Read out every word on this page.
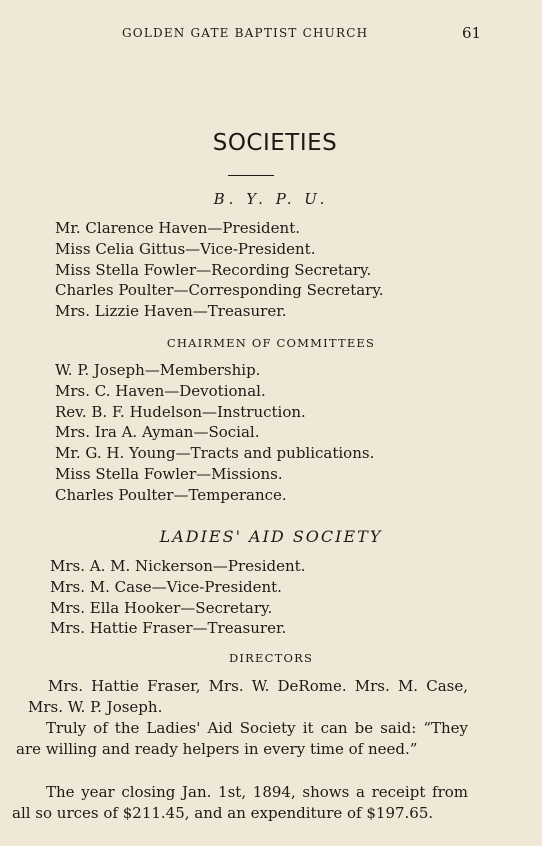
GOLDEN GATE BAPTIST CHURCH	61
SOCIETIES
B. Y. P. U.
Mr. Clarence Haven—President.
Miss Celia Gittus—Vice-President.
Miss Stella Fowler—Recording Secretary.
Charles Poulter—Corresponding Secretary.
Mrs. Lizzie Haven—Treasurer.
CHAIRMEN OF COMMITTEES
W. P. Joseph—Membership.
Mrs. C. Haven—Devotional.
Rev. B. F. Hudelson—Instruction.
Mrs. Ira A. Ayman—Social.
Mr. G. H. Young—Tracts and publications.
Miss Stella Fowler—Missions.
Charles Poulter—Temperance.
LADIES' AID SOCIETY
Mrs. A. M. Nickerson—President.
Mrs. M. Case—Vice-President.
Mrs. Ella Hooker—Secretary.
Mrs. Hattie Fraser—Treasurer.
DIRECTORS

Mrs. Hattie Fraser, Mrs. W. DeRome. Mrs. M. Case, Mrs. W. P. Joseph.

Truly of the Ladies' Aid Society it can be said: “They are willing and ready helpers in every time of need.”

The year closing Jan. 1st, 1894, shows a receipt from all so urces of $211.45, and an expenditure of $197.65.
